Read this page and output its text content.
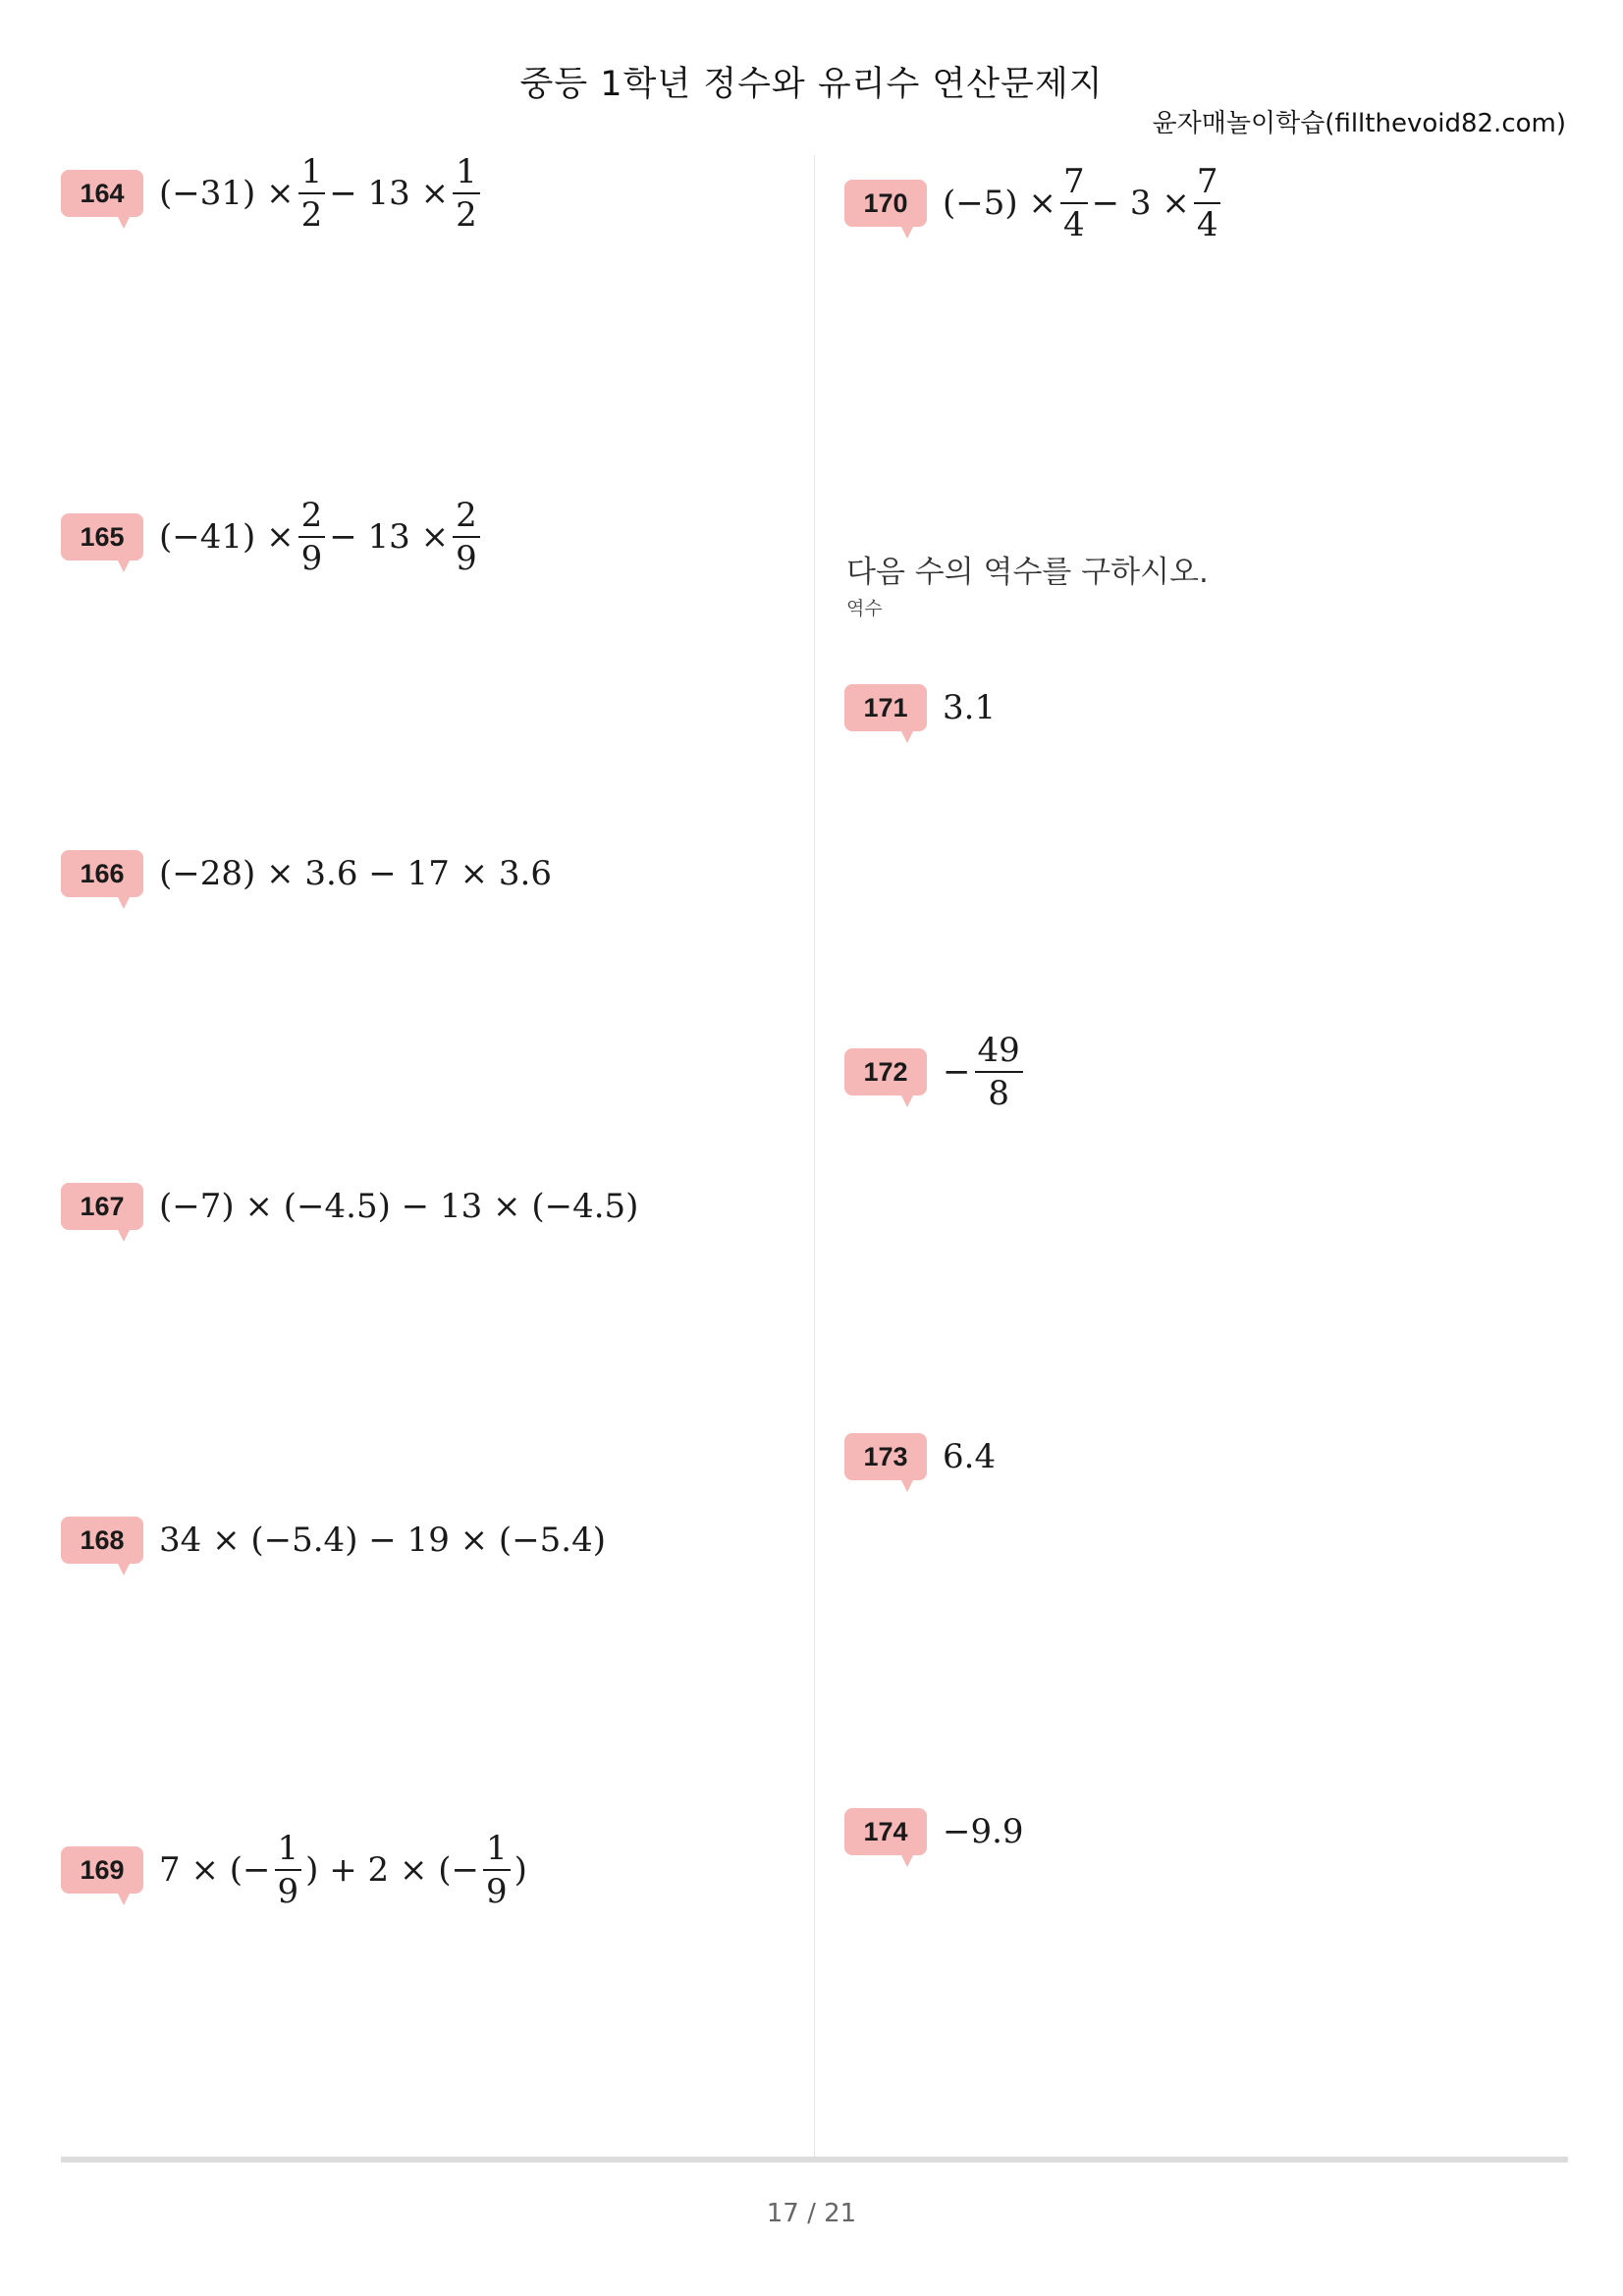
중등 1학년 정수와 유리수 연산문제지
윤자매놀이학습(fillthevoid82.com)
164	$(-31) \times \frac{1}{2} - 13 \times \frac{1}{2}$
165	$(-41) \times \frac{2}{9} - 13 \times \frac{2}{9}$
166	(−28) × 3.6 − 17 × 3.6
167	(−7) × (−4.5) − 13 × (−4.5)
168	34 × (−5.4) − 19 × (−5.4)
169	7 × (− $\frac{1}{9}$ ) + 2 × (− $\frac{1}{9}$ )
170	$(-5) \times \frac{7}{4} - 3 \times \frac{7}{4}$
다음 수의 역수를 구하시오.
역수
171	3.1
172	− $\frac{49}{8}$
173	6.4
174	−9.9
17 / 21
